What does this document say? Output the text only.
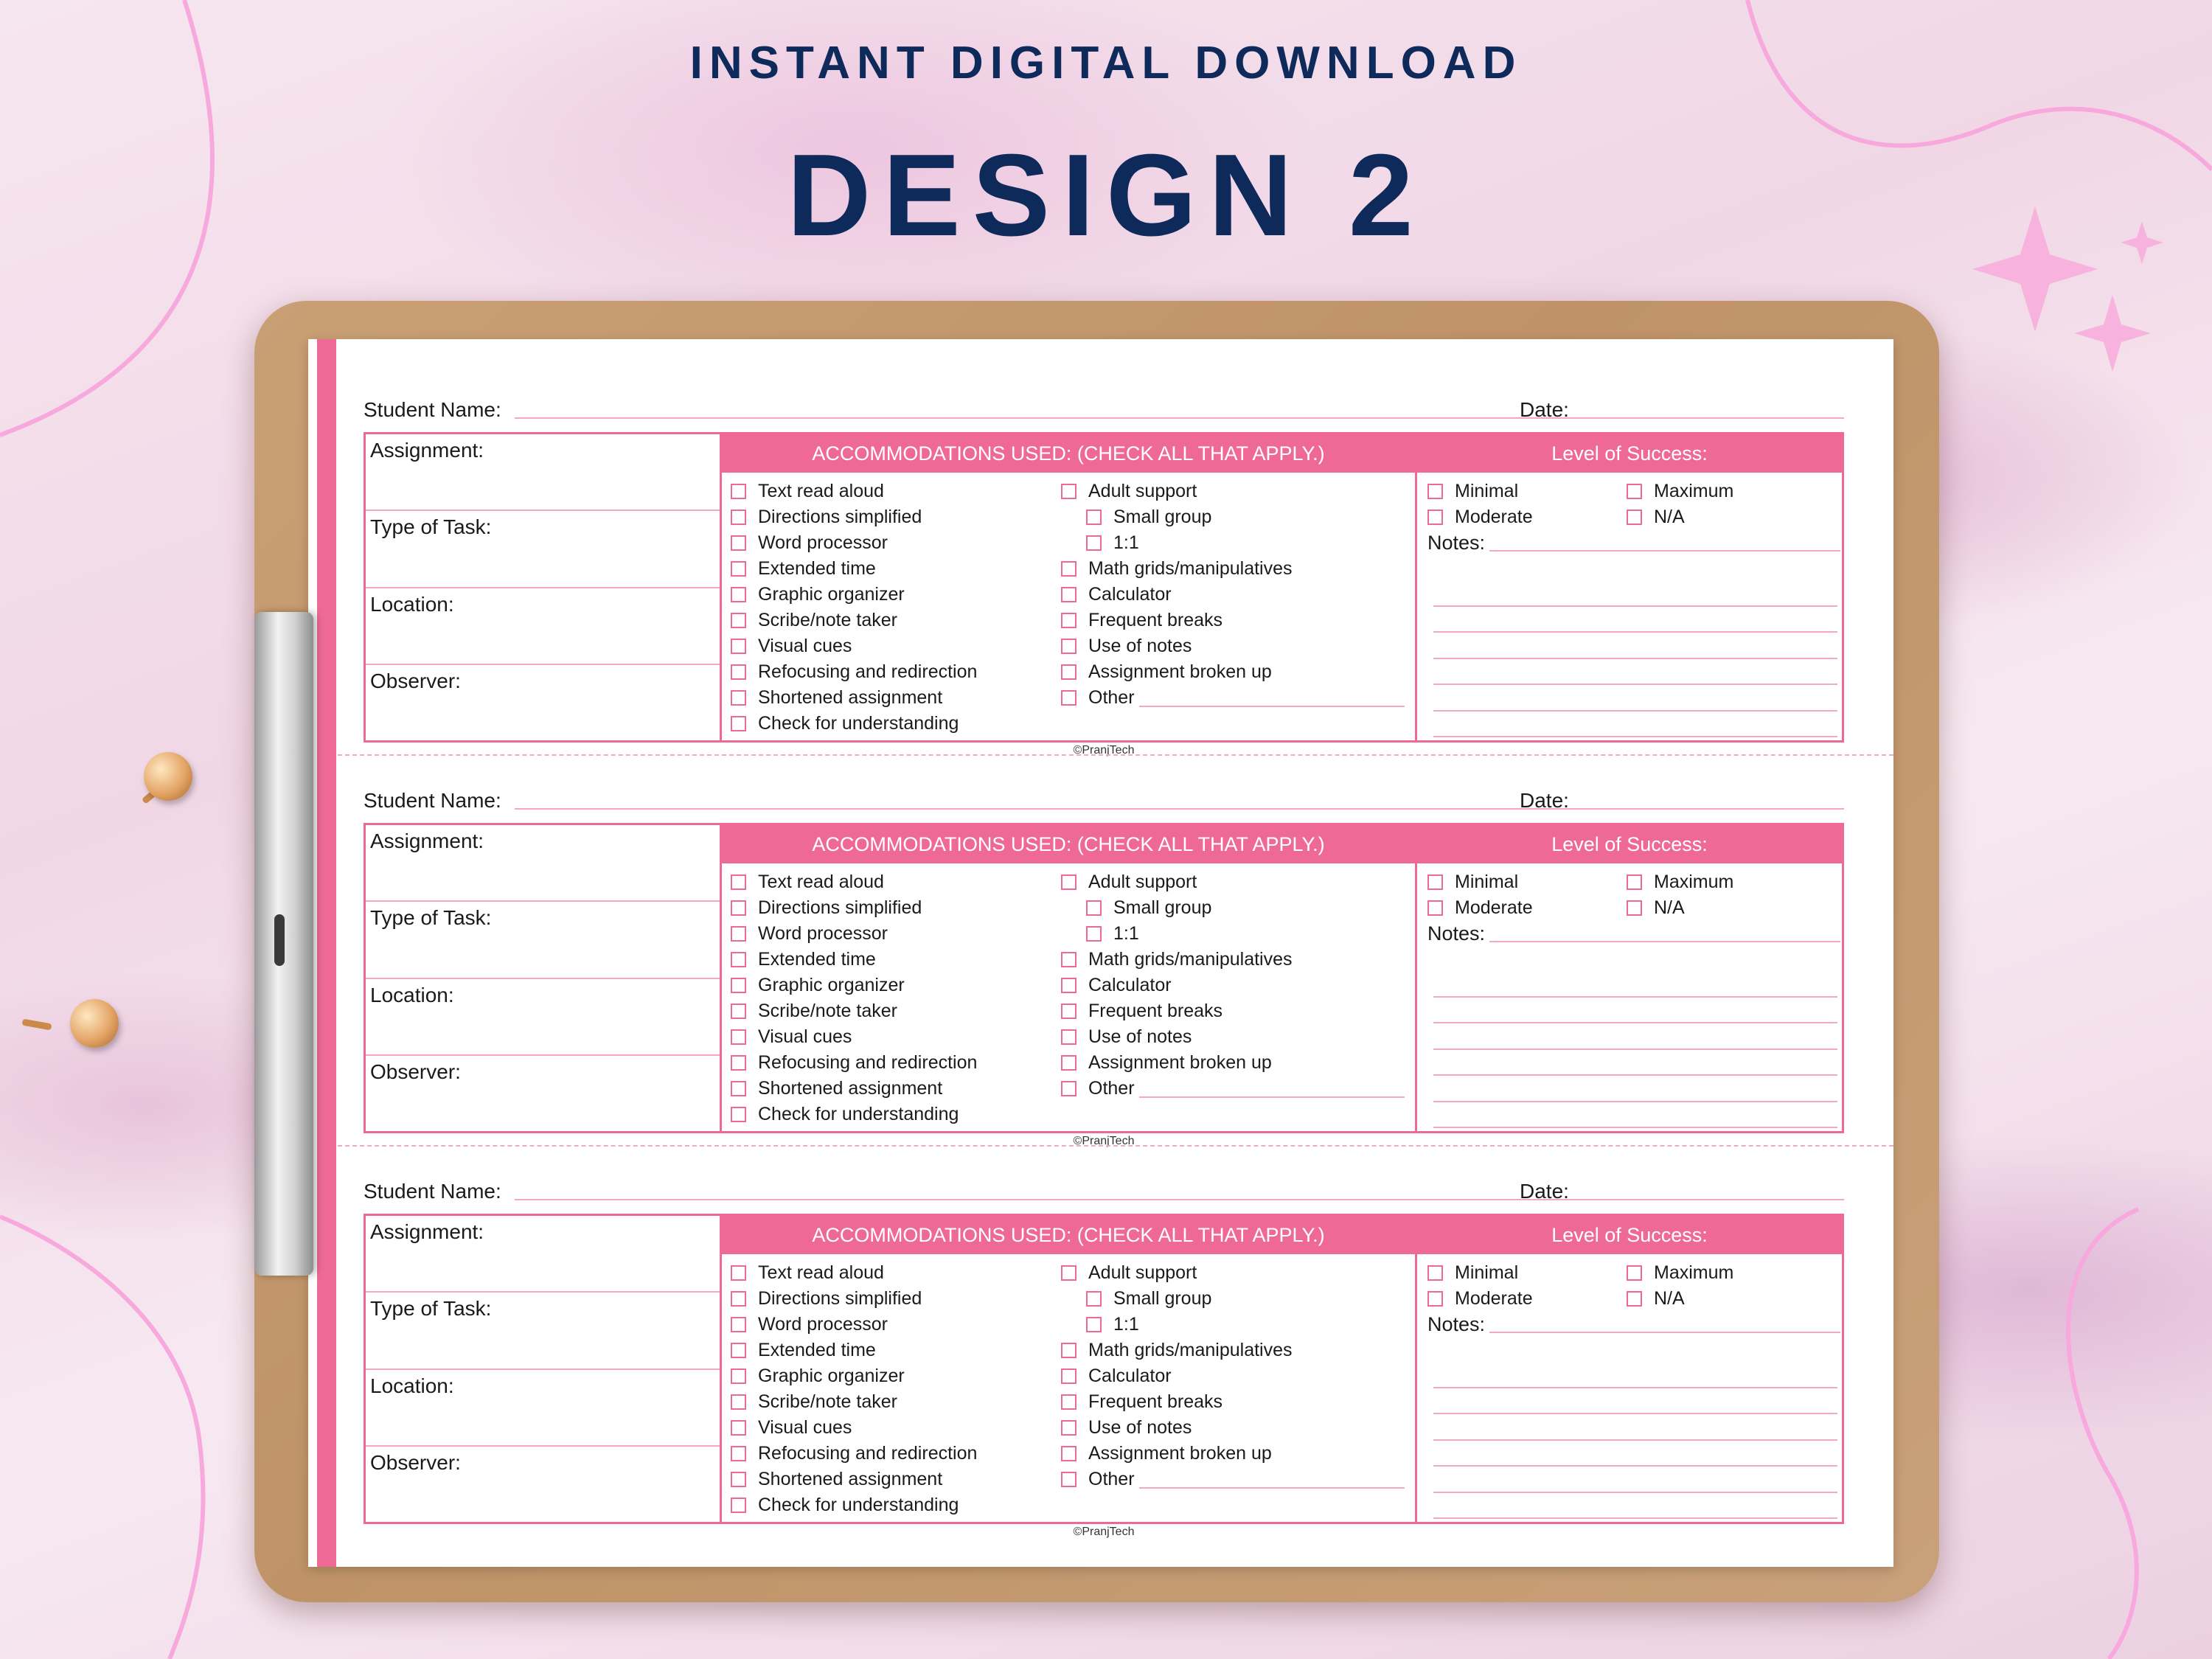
INSTANT DIGITAL DOWNLOAD
DESIGN 2
Student Name:	Date:
Assignment:
Type of Task:
Location:
Observer:
ACCOMMODATIONS USED: (CHECK ALL THAT APPLY.)
Text read aloud
Directions simplified
Word processor
Extended time
Graphic organizer
Scribe/note taker
Visual cues
Refocusing and redirection
Shortened assignment
Check for understanding
Adult support
Small group
1:1
Math grids/manipulatives
Calculator
Frequent breaks
Use of notes
Assignment broken up
Other
Level of Success:
Minimal	Maximum
Moderate	N/A
Notes:
©PranjTech
Student Name:	Date:
Assignment:
Type of Task:
Location:
Observer:
ACCOMMODATIONS USED: (CHECK ALL THAT APPLY.)
Text read aloud
Directions simplified
Word processor
Extended time
Graphic organizer
Scribe/note taker
Visual cues
Refocusing and redirection
Shortened assignment
Check for understanding
Adult support
Small group
1:1
Math grids/manipulatives
Calculator
Frequent breaks
Use of notes
Assignment broken up
Other
Level of Success:
Minimal	Maximum
Moderate	N/A
Notes:
©PranjTech
Student Name:	Date:
Assignment:
Type of Task:
Location:
Observer:
ACCOMMODATIONS USED: (CHECK ALL THAT APPLY.)
Text read aloud
Directions simplified
Word processor
Extended time
Graphic organizer
Scribe/note taker
Visual cues
Refocusing and redirection
Shortened assignment
Check for understanding
Adult support
Small group
1:1
Math grids/manipulatives
Calculator
Frequent breaks
Use of notes
Assignment broken up
Other
Level of Success:
Minimal	Maximum
Moderate	N/A
Notes:
©PranjTech
